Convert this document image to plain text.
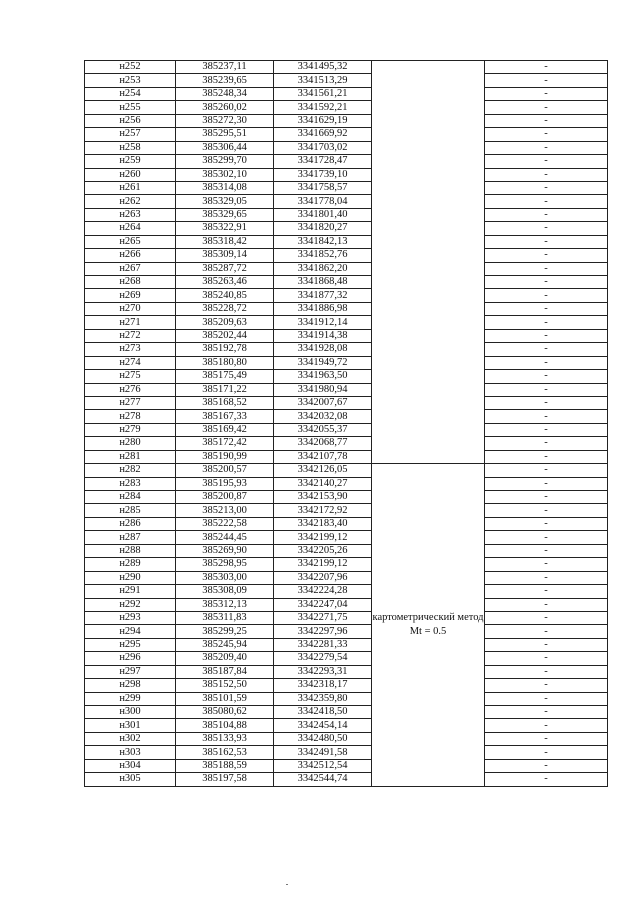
н252	385237,11	3341495,32		-
н253	385239,65	3341513,29		-
н254	385248,34	3341561,21		-
н255	385260,02	3341592,21		-
н256	385272,30	3341629,19		-
н257	385295,51	3341669,92		-
н258	385306,44	3341703,02		-
н259	385299,70	3341728,47		-
н260	385302,10	3341739,10		-
н261	385314,08	3341758,57		-
н262	385329,05	3341778,04		-
н263	385329,65	3341801,40		-
н264	385322,91	3341820,27		-
н265	385318,42	3341842,13		-
н266	385309,14	3341852,76		-
н267	385287,72	3341862,20		-
н268	385263,46	3341868,48		-
н269	385240,85	3341877,32		-
н270	385228,72	3341886,98		-
н271	385209,63	3341912,14		-
н272	385202,44	3341914,38		-
н273	385192,78	3341928,08		-
н274	385180,80	3341949,72		-
н275	385175,49	3341963,50		-
н276	385171,22	3341980,94		-
н277	385168,52	3342007,67		-
н278	385167,33	3342032,08		-
н279	385169,42	3342055,37		-
н280	385172,42	3342068,77		-
н281	385190,99	3342107,78		-
н282	385200,57	3342126,05	картометрический метод Mt = 0.5	-
н283	385195,93	3342140,27		-
н284	385200,87	3342153,90		-
н285	385213,00	3342172,92		-
н286	385222,58	3342183,40		-
н287	385244,45	3342199,12		-
н288	385269,90	3342205,26		-
н289	385298,95	3342199,12		-
н290	385303,00	3342207,96		-
н291	385308,09	3342224,28		-
н292	385312,13	3342247,04		-
н293	385311,83	3342271,75		-
н294	385299,25	3342297,96		-
н295	385245,94	3342281,33		-
н296	385209,40	3342279,54		-
н297	385187,84	3342293,31		-
н298	385152,50	3342318,17		-
н299	385101,59	3342359,80		-
н300	385080,62	3342418,50		-
н301	385104,88	3342454,14		-
н302	385133,93	3342480,50		-
н303	385162,53	3342491,58		-
н304	385188,59	3342512,54		-
н305	385197,58	3342544,74		-
